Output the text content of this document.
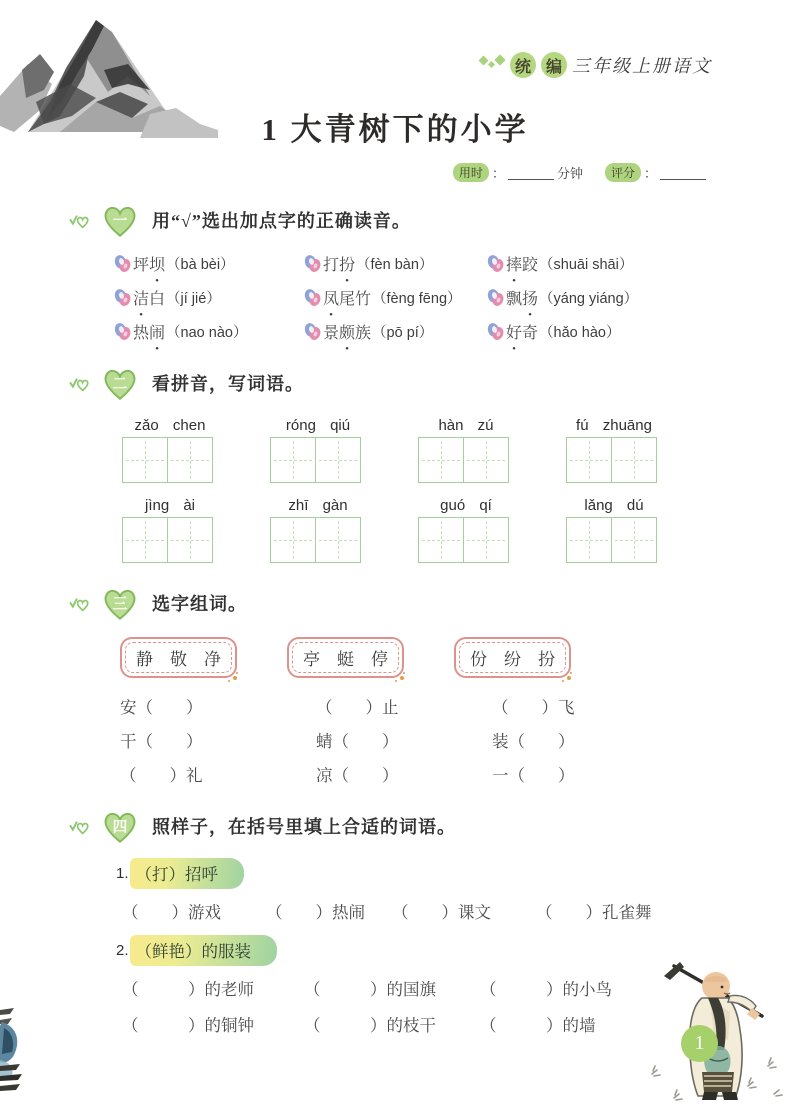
统 编 三年级上册语文
1 大青树下的小学
用时 ：	分钟	评分 ：
一 用“√”选出加点字的正确读音。
坪坝 （bà bèi）	打扮 （fèn bàn）	摔跤 （shuāi shāi）
洁白 （jí jié）	凤尾竹 （fèng fēng）	飘扬 （yáng yiáng）
热闹 （nao nào）	景颇族 （pō pí）	好奇 （hǎo hào）
二 看拼音，写词语。
zǎo chen	róng qiú	hàn zú	fú zhuāng
jìng ài	zhī gàn	guó qí	lǎng dú
三 选字组词。
静　敬　净	亭　蜓　停	份　纷　扮
安（　　）	（　　）止	（　　）飞
干（　　）	蜻（　　）	装（　　）
（　　）礼	凉（　　）	一（　　）
四 照样子，在括号里填上合适的词语。
1. （打）招呼
（　　）游戏	（　　）热闹	（　　）课文	（　　）孔雀舞
2. （鲜艳）的服装
（　　　）的老师	（　　　）的国旗	（　　　）的小鸟
（　　　）的铜钟	（　　　）的枝干	（　　　）的墙
1
